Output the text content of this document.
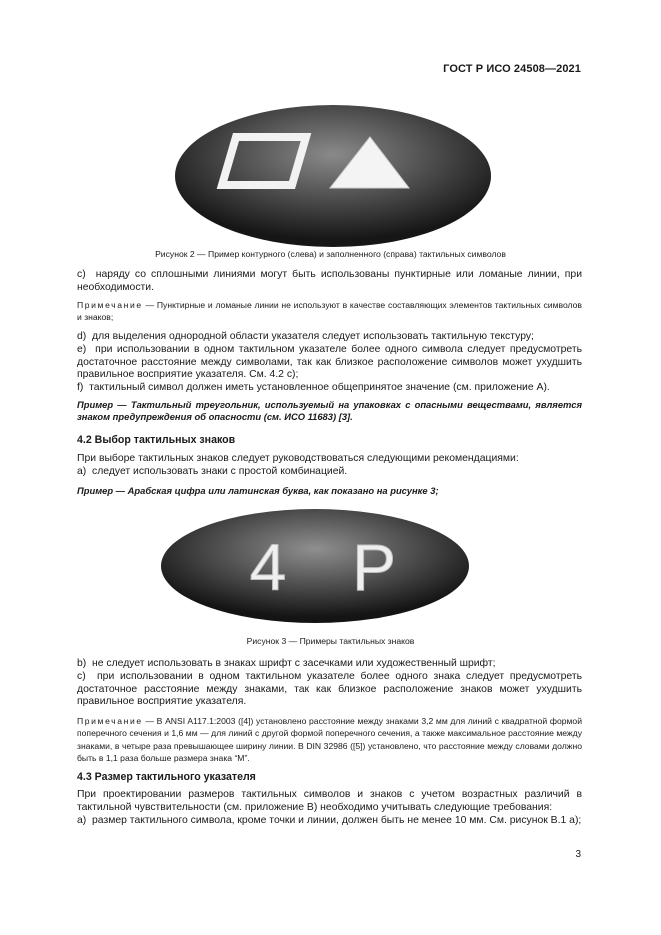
ГОСТ Р ИСО 24508—2021
Рисунок 2 — Пример контурного (слева) и заполненного (справа) тактильных символов
c)  наряду со сплошными линиями могут быть использованы пунктирные или ломаные линии, при необходимости.
Примечание — Пунктирные и ломаные линии не используют в качестве составляющих элементов тактильных символов и знаков;
d)  для выделения однородной области указателя следует использовать тактильную текстуру;
e)  при использовании в одном тактильном указателе более одного символа следует предусмотреть достаточное расстояние между символами, так как близкое расположение символов может ухудшить правильное восприятие указателя. См. 4.2 с);
f)  тактильный символ должен иметь установленное общепринятое значение (см. приложение А).
Пример — Тактильный треугольник, используемый на упаковках с опасными веществами, является знаком предупреждения об опасности (см. ИСО 11683) [3].
4.2 Выбор тактильных знаков
При выборе тактильных знаков следует руководствоваться следующими рекомендациями:
a)  следует использовать знаки с простой комбинацией.
Пример — Арабская цифра или латинская буква, как показано на рисунке 3;
4 P
Рисунок 3 — Примеры тактильных знаков
b)  не следует использовать в знаках шрифт с засечками или художественный шрифт;
c)  при использовании в одном тактильном указателе более одного знака следует предусмотреть достаточное расстояние между знаками, так как близкое расположение знаков может ухудшить правильное восприятие указателя.
Примечание — В ANSI A117.1:2003 ([4]) установлено расстояние между знаками 3,2 мм для линий с квадратной формой поперечного сечения и 1,6 мм — для линий с другой формой поперечного сечения, а также максимальное расстояние между знаками, в четыре раза превышающее ширину линии. В DIN 32986 ([5]) установлено, что расстояние между словами должно быть в 1,1 раза больше размера знака “M”.
4.3 Размер тактильного указателя
При проектировании размеров тактильных символов и знаков с учетом возрастных различий в тактильной чувствительности (см. приложение В) необходимо учитывать следующие требования:
a)  размер тактильного символа, кроме точки и линии, должен быть не менее 10 мм. См. рисунок В.1 а);
3
